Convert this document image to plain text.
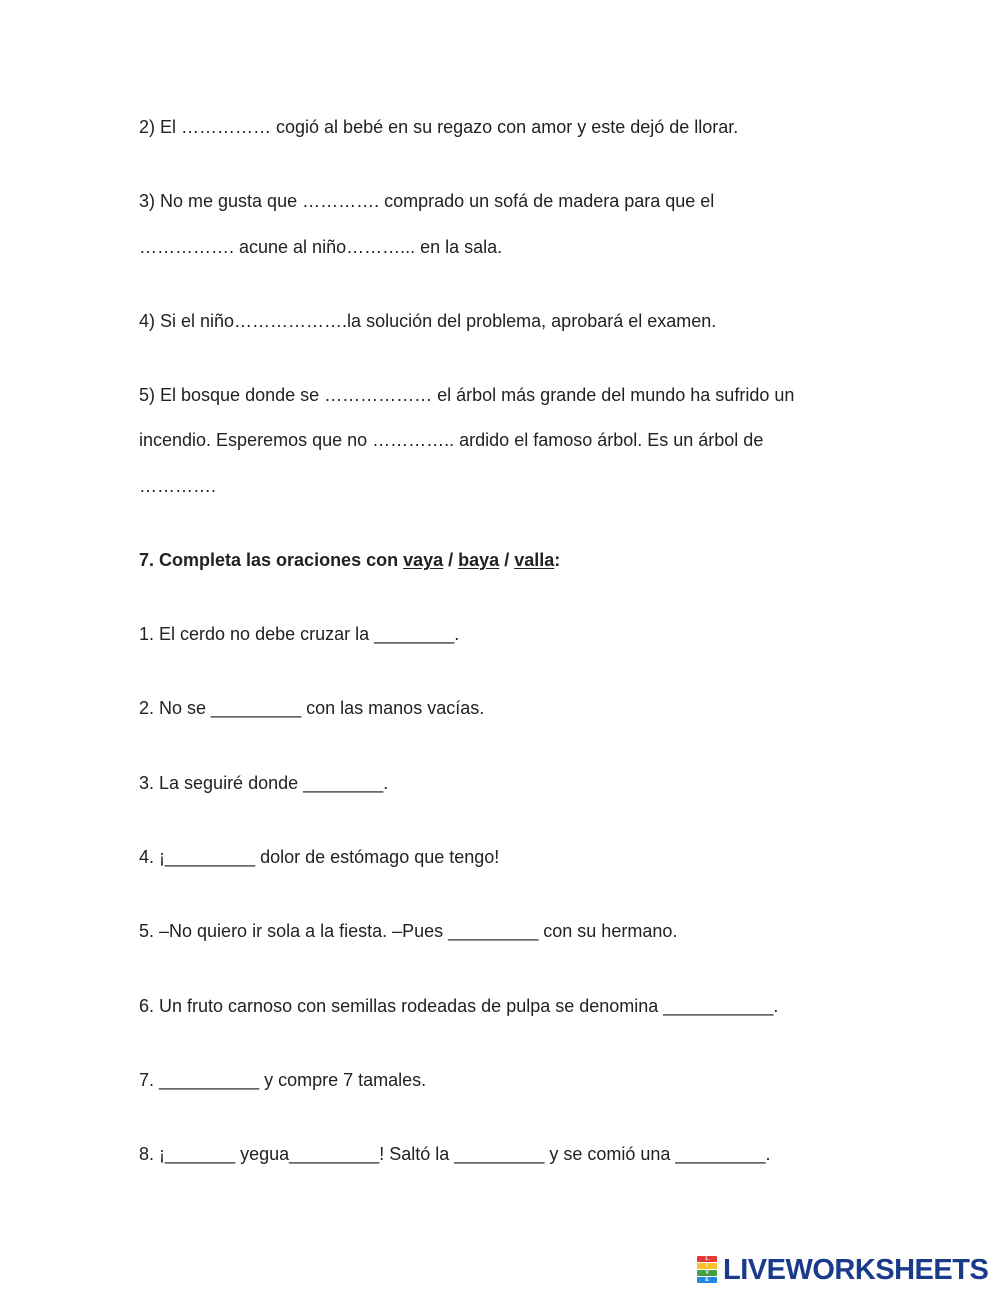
2) El …………… cogió al bebé en su regazo con amor y este dejó de llorar.
3) No me gusta que …………. comprado un sofá de madera para que el
……………. acune al niño………... en la sala.
4) Si el niño……………….la solución del problema, aprobará el examen.
5) El bosque donde se ……………… el árbol más grande del mundo ha sufrido un
incendio. Esperemos que no ………….. ardido el famoso árbol. Es un árbol de
………….
7. Completa las oraciones con vaya / baya / valla:
1. El cerdo no debe cruzar la ________.
2. No se _________ con las manos vacías.
3. La seguiré donde ________.
4. ¡_________ dolor de estómago que tengo!
5. –No quiero ir sola a la fiesta. –Pues _________ con su hermano.
6. Un fruto carnoso con semillas rodeadas de pulpa se denomina ___________.
7. __________ y compre 7 tamales.
8. ¡_______ yegua_________! Saltó la _________ y se comió una _________.
L
I
V
E LIVEWORKSHEETS
